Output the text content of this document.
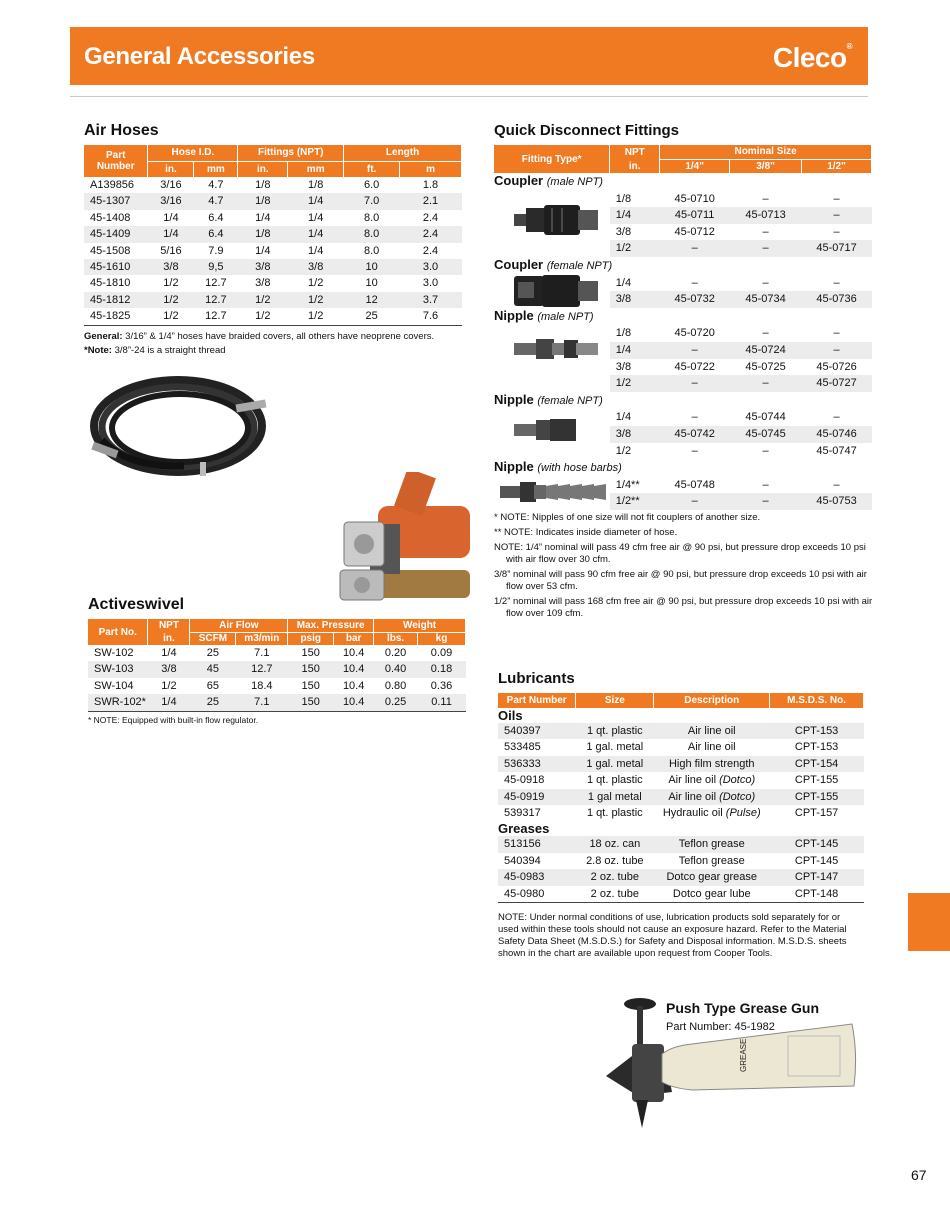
General Accessories	Cleco®
Air Hoses
Part Number	Hose I.D.		Fittings (NPT)		Length	
	in.	mm	in.	mm	ft.	m
A139856	3/16	4.7	1/8	1/8	6.0	1.8
45-1307	3/16	4.7	1/8	1/4	7.0	2.1
45-1408	1/4	6.4	1/4	1/4	8.0	2.4
45-1409	1/4	6.4	1/8	1/4	8.0	2.4
45-1508	5/16	7.9	1/4	1/4	8.0	2.4
45-1610	3/8	9,5	3/8	3/8	10	3.0
45-1810	1/2	12.7	3/8	1/2	10	3.0
45-1812	1/2	12.7	1/2	1/2	12	3.7
45-1825	1/2	12.7	1/2	1/2	25	7.6
General: 3/16” & 1/4” hoses have braided covers, all others have neoprene covers.
*Note: 3/8”-24 is a straight thread
Activeswivel
Part No.	NPT	Air Flow		Max. Pressure		Weight	
	in.	SCFM	m3/min	psig	bar	lbs.	kg
SW-102	1/4	25	7.1	150	10.4	0.20	0.09
SW-103	3/8	45	12.7	150	10.4	0.40	0.18
SW-104	1/2	65	18.4	150	10.4	0.80	0.36
SWR-102*	1/4	25	7.1	150	10.4	0.25	0.11
* NOTE: Equipped with built-in flow regulator.
Quick Disconnect Fittings
Fitting Type*	NPT	Nominal Size		
	in.	1/4"	3/8"	1/2"
Coupler (male NPT)				
	1/8	45-0710	–	–
	1/4	45-0711	45-0713	–
	3/8	45-0712	–	–
	1/2	–	–	45-0717
Coupler (female NPT)				
	1/4	–	–	–
	3/8	45-0732	45-0734	45-0736
Nipple (male NPT)				
	1/8	45-0720	–	–
	1/4	–	45-0724	–
	3/8	45-0722	45-0725	45-0726
	1/2	–	–	45-0727
Nipple (female NPT)				
	1/4	–	45-0744	–
	3/8	45-0742	45-0745	45-0746
	1/2	–	–	45-0747
Nipple (with hose barbs)				
	1/4**	45-0748	–	–
	1/2**	–	–	45-0753
* NOTE: Nipples of one size will not fit couplers of another size.
** NOTE: Indicates inside diameter of hose.
NOTE: 1/4” nominal will pass 49 cfm free air @ 90 psi, but pressure drop exceeds 10 psi with air flow over 30 cfm.
3/8” nominal will pass 90 cfm free air @ 90 psi, but pressure drop exceeds 10 psi with air flow over 53 cfm.
1/2” nominal will pass 168 cfm free air @ 90 psi, but pressure drop exceeds 10 psi with air flow over 109 cfm.
Lubricants
Part Number	Size	Description	M.S.D.S. No.
Oils			
540397	1 qt. plastic	Air line oil	CPT-153
533485	1 gal. metal	Air line oil	CPT-153
536333	1 gal. metal	High film strength	CPT-154
45-0918	1 qt. plastic	Air line oil (Dotco)	CPT-155
45-0919	1 gal metal	Air line oil (Dotco)	CPT-155
539317	1 qt. plastic	Hydraulic oil (Pulse)	CPT-157
Greases			
513156	18 oz. can	Teflon grease	CPT-145
540394	2.8 oz. tube	Teflon grease	CPT-145
45-0983	2 oz. tube	Dotco gear grease	CPT-147
45-0980	2 oz. tube	Dotco gear lube	CPT-148
NOTE: Under normal conditions of use, lubrication products sold separately for or used within these tools should not cause an exposure hazard. Refer to the Material Safety Data Sheet (M.S.D.S.) for Safety and Disposal information. M.S.D.S. sheets shown in the chart are available upon request from Cooper Tools.
GREASE
Push Type Grease Gun
Part Number: 45-1982
67
